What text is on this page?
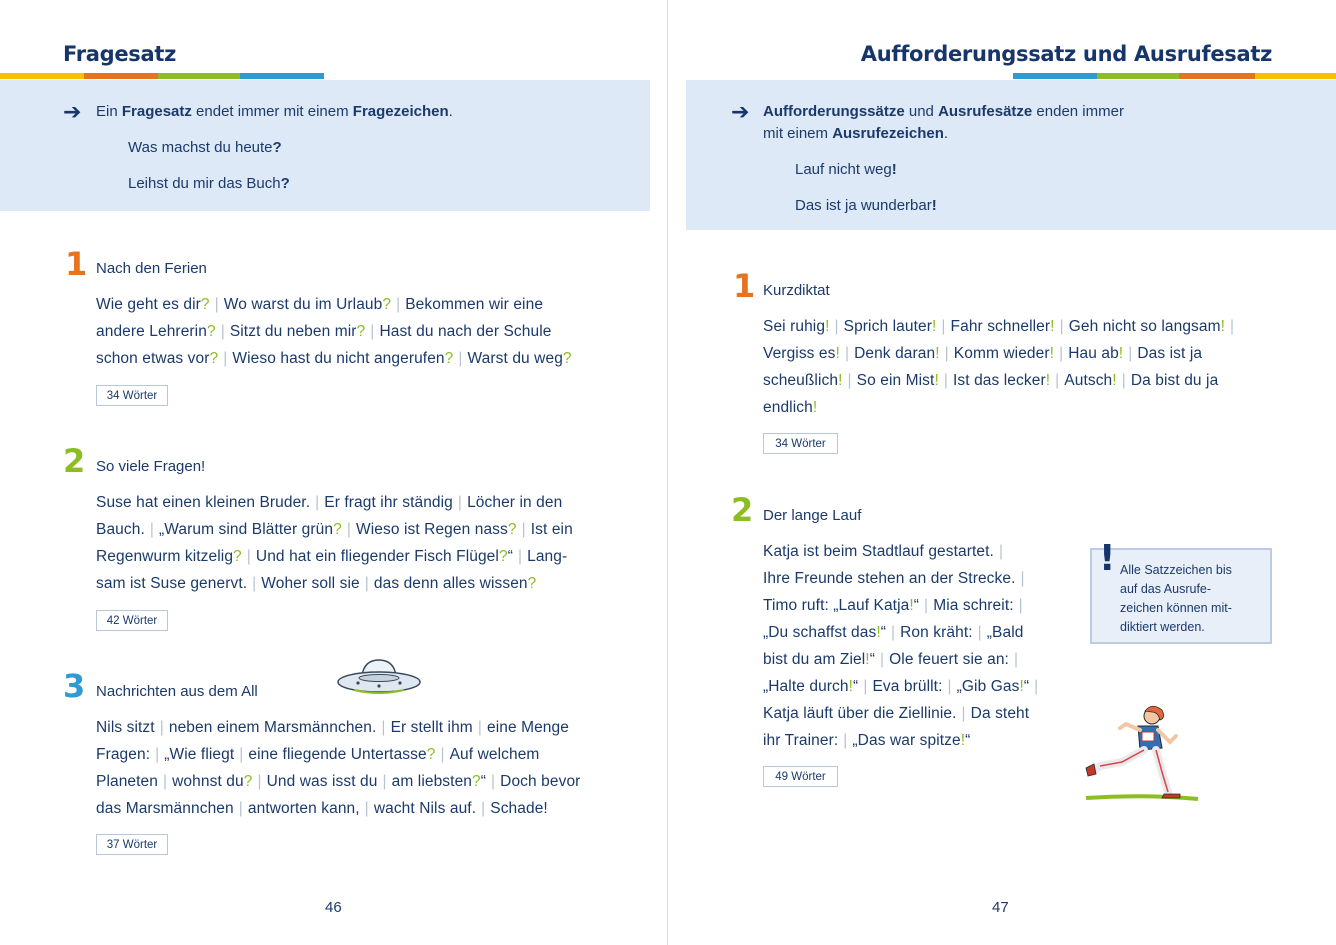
Fragesatz
➔ Ein Fragesatz endet immer mit einem Fragezeichen.
Was machst du heute?
Leihst du mir das Buch?
1 Nach den Ferien
Wie geht es dir? | Wo warst du im Urlaub? | Bekommen wir eine
andere Lehrerin? | Sitzt du neben mir? | Hast du nach der Schule
schon etwas vor? | Wieso hast du nicht angerufen? | Warst du weg?
34 Wörter
2 So viele Fragen!
Suse hat einen kleinen Bruder. | Er fragt ihr ständig | Löcher in den
Bauch. | „Warum sind Blätter grün? | Wieso ist Regen nass? | Ist ein
Regenwurm kitzelig? | Und hat ein fliegender Fisch Flügel?“ | Lang-
sam ist Suse genervt. | Woher soll sie | das denn alles wissen?
42 Wörter
3 Nachrichten aus dem All
Nils sitzt | neben einem Marsmännchen. | Er stellt ihm | eine Menge
Fragen: | „Wie fliegt | eine fliegende Untertasse? | Auf welchem
Planeten | wohnst du? | Und was isst du | am liebsten?“ | Doch bevor
das Marsmännchen | antworten kann, | wacht Nils auf. | Schade!
37 Wörter
46
Aufforderungssatz und Ausrufesatz
➔ Aufforderungssätze und Ausrufesätze enden immer
mit einem Ausrufezeichen.
Lauf nicht weg!
Das ist ja wunderbar!
1 Kurzdiktat
Sei ruhig! | Sprich lauter! | Fahr schneller! | Geh nicht so langsam! |
Vergiss es! | Denk daran! | Komm wieder! | Hau ab! | Das ist ja
scheußlich! | So ein Mist! | Ist das lecker! | Autsch! | Da bist du ja
endlich!
34 Wörter
2 Der lange Lauf
Katja ist beim Stadtlauf gestartet. |
Ihre Freunde stehen an der Strecke. |
Timo ruft: „Lauf Katja!“ | Mia schreit: |
„Du schaffst das!“ | Ron kräht: | „Bald
bist du am Ziel!“ | Ole feuert sie an: |
„Halte durch!“ | Eva brüllt: | „Gib Gas!“ |
Katja läuft über die Ziellinie. | Da steht
ihr Trainer: | „Das war spitze!“
49 Wörter
! Alle Satzzeichen bis
auf das Ausrufe-
zeichen können mit-
diktiert werden.
47
